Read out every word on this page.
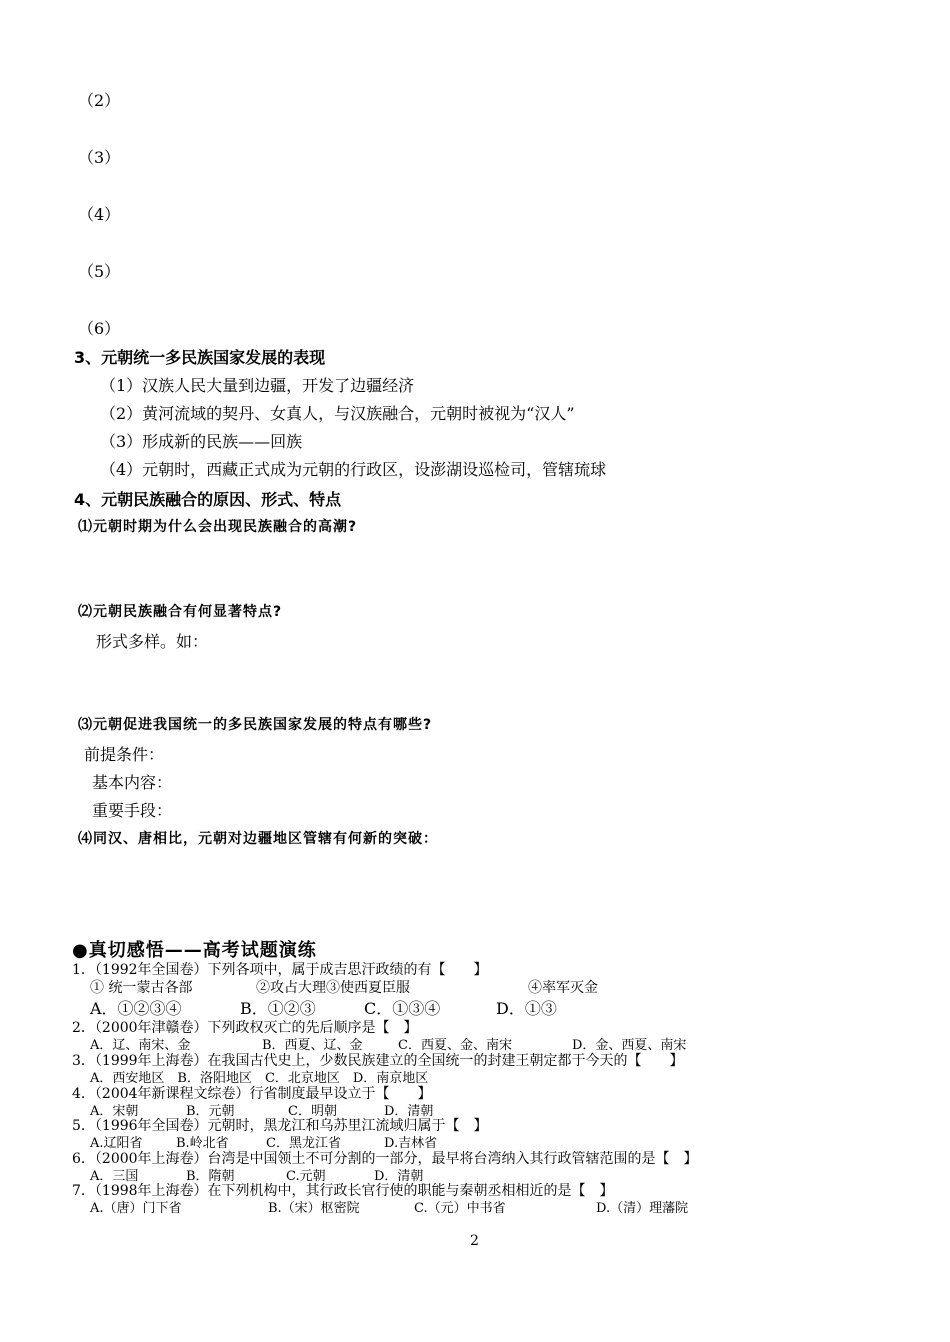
（2）
（3）
（4）
（5）
（6）
3、元朝统一多民族国家发展的表现
（1）汉族人民大量到边疆，开发了边疆经济
（2）黄河流域的契丹、女真人，与汉族融合，元朝时被视为“汉人”
（3）形成新的民族——回族
（4）元朝时，西藏正式成为元朝的行政区，设澎湖设巡检司，管辖琉球
4、元朝民族融合的原因、形式、特点
⑴元朝时期为什么会出现民族融合的高潮?
⑵元朝民族融合有何显著特点?
形式多样。如：
⑶元朝促进我国统一的多民族国家发展的特点有哪些?
前提条件：
基本内容：
重要手段：
⑷同汉、唐相比，元朝对边疆地区管辖有何新的突破：
●真切感悟——高考试题演练
1．（1992年全国卷）下列各项中，属于成吉思汗政绩的有【　　】
① 统一蒙古各部	②攻占大理③使西夏臣服	④率军灭金
A．①②③④	B．①②③	C．①③④	D．①③
2．（2000年津赣卷）下列政权灭亡的先后顺序是【　】
A．辽、南宋、金	B．西夏、辽、金	C．西夏、金、南宋	D．金、西夏、南宋
3．（1999年上海卷）在我国古代史上，少数民族建立的全国统一的封建王朝定都于今天的【　　】
A．西安地区　B．洛阳地区　C．北京地区　D．南京地区
4．（2004年新课程文综卷）行省制度最早设立于【　　】
A．宋朝	B．元朝	C．明朝	D．清朝
5．（1996年全国卷）元朝时，黑龙江和乌苏里江流域归属于【　】
A.辽阳省	B.岭北省	C．黑龙江省	D.吉林省
6．（2000年上海卷）台湾是中国领土不可分割的一部分，最早将台湾纳入其行政管辖范围的是【　】
A．三国	B．隋朝	C.元朝	D．清朝
7．（1998年上海卷）在下列机构中，其行政长官行使的职能与秦朝丞相相近的是【　】
A.（唐）门下省	B.（宋）枢密院	C.（元）中书省	D.（清）理藩院
2
